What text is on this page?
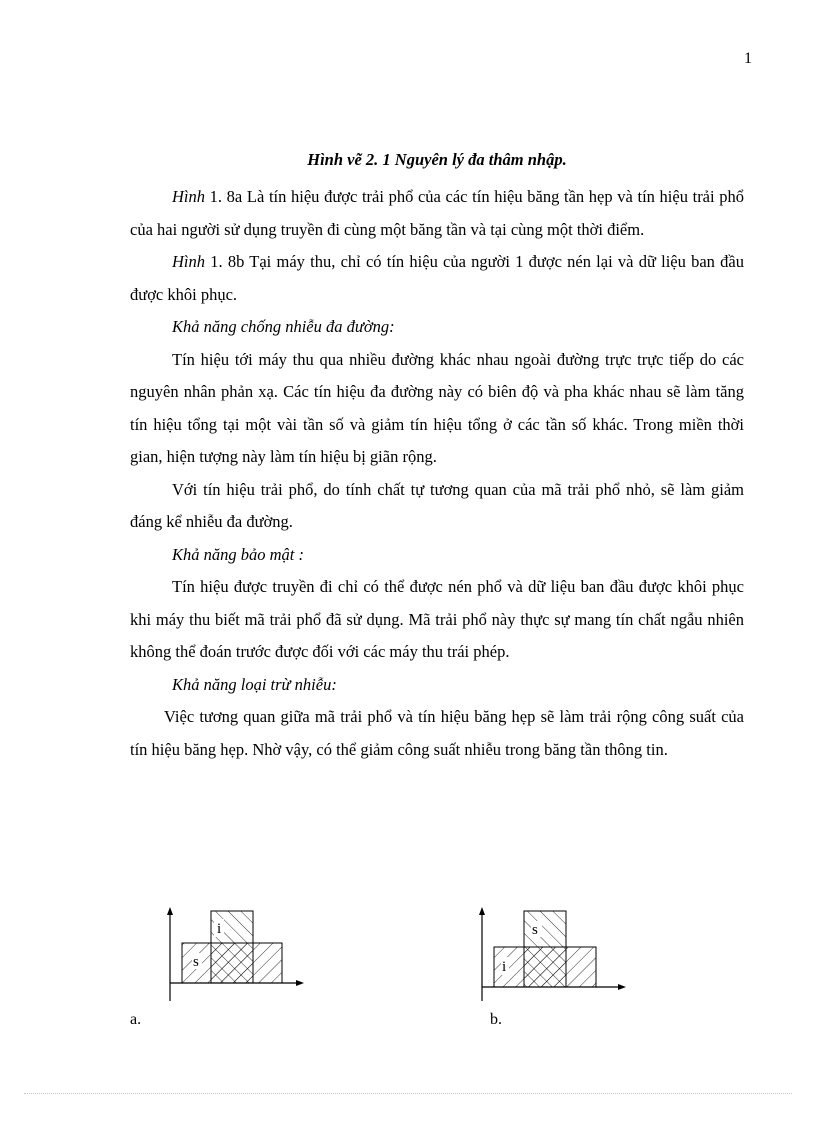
1
Hình vẽ 2. 1 Nguyên lý đa thâm nhập.

Hình 1. 8a Là tín hiệu được trải phổ của các tín hiệu băng tần hẹp và tín hiệu trải phổ của hai người sử dụng truyền đi cùng một băng tần và tại cùng một thời điểm.

Hình 1. 8b Tại máy thu, chỉ có tín hiệu của người 1 được nén lại và dữ liệu ban đầu được khôi phục.

Khả năng chống nhiễu đa đường:

Tín hiệu tới máy thu qua nhiều đường khác nhau ngoài đường trực trực tiếp do các nguyên nhân phản xạ. Các tín hiệu đa đường này có biên độ và pha khác nhau sẽ làm tăng tín hiệu tổng tại một vài tần số và giảm tín hiệu tổng ở các tần số khác. Trong miền thời gian, hiện tượng này làm tín hiệu bị giãn rộng.

Với tín hiệu trải phổ, do tính chất tự tương quan của mã trải phổ nhỏ, sẽ làm giảm đáng kể nhiễu đa đường.

Khả năng bảo mật :

Tín hiệu được truyền đi chỉ có thể được nén phổ và dữ liệu ban đầu được khôi phục khi máy thu biết mã trải phổ đã sử dụng. Mã trải phổ này thực sự mang tín chất ngẫu nhiên không thể đoán trước được đối với các máy thu trái phép.

Khả năng loại trừ nhiễu:

Việc tương quan giữa mã trải phổ và tín hiệu băng hẹp sẽ làm trải rộng công suất của tín hiệu băng hẹp. Nhờ vậy, có thể giảm công suất nhiễu trong băng tần thông tin.

i
s
a.
s
i
b.
